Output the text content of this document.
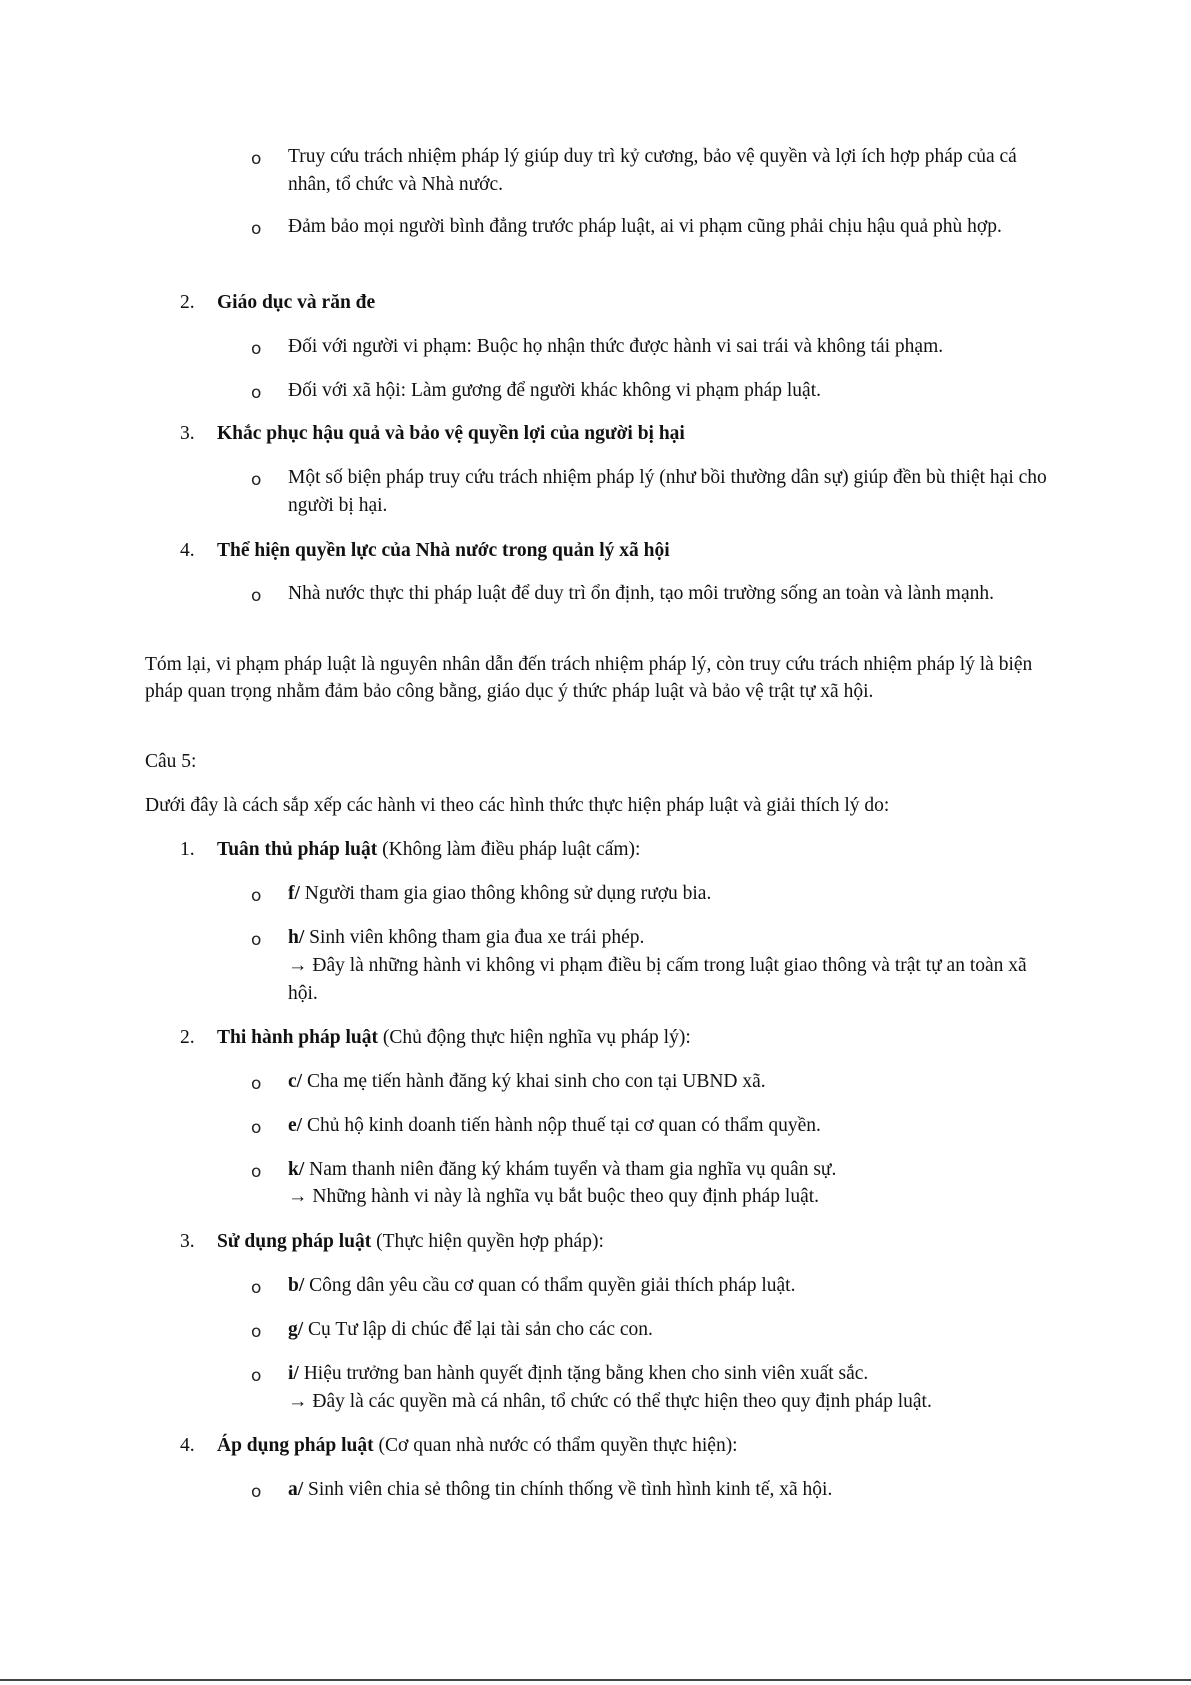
o Truy cứu trách nhiệm pháp lý giúp duy trì kỷ cương, bảo vệ quyền và lợi ích hợp pháp của cá nhân, tổ chức và Nhà nước.
o Đảm bảo mọi người bình đẳng trước pháp luật, ai vi phạm cũng phải chịu hậu quả phù hợp.
2. Giáo dục và răn đe
o Đối với người vi phạm: Buộc họ nhận thức được hành vi sai trái và không tái phạm.
o Đối với xã hội: Làm gương để người khác không vi phạm pháp luật.
3. Khắc phục hậu quả và bảo vệ quyền lợi của người bị hại
o Một số biện pháp truy cứu trách nhiệm pháp lý (như bồi thường dân sự) giúp đền bù thiệt hại cho người bị hại.
4. Thể hiện quyền lực của Nhà nước trong quản lý xã hội
o Nhà nước thực thi pháp luật để duy trì ổn định, tạo môi trường sống an toàn và lành mạnh.
Tóm lại, vi phạm pháp luật là nguyên nhân dẫn đến trách nhiệm pháp lý, còn truy cứu trách nhiệm pháp lý là biện pháp quan trọng nhằm đảm bảo công bằng, giáo dục ý thức pháp luật và bảo vệ trật tự xã hội.
Câu 5:
Dưới đây là cách sắp xếp các hành vi theo các hình thức thực hiện pháp luật và giải thích lý do:
1. Tuân thủ pháp luật (Không làm điều pháp luật cấm):
o f/ Người tham gia giao thông không sử dụng rượu bia.
o h/ Sinh viên không tham gia đua xe trái phép.
→ Đây là những hành vi không vi phạm điều bị cấm trong luật giao thông và trật tự an toàn xã hội.
2. Thi hành pháp luật (Chủ động thực hiện nghĩa vụ pháp lý):
o c/ Cha mẹ tiến hành đăng ký khai sinh cho con tại UBND xã.
o e/ Chủ hộ kinh doanh tiến hành nộp thuế tại cơ quan có thẩm quyền.
o k/ Nam thanh niên đăng ký khám tuyển và tham gia nghĩa vụ quân sự.
→ Những hành vi này là nghĩa vụ bắt buộc theo quy định pháp luật.
3. Sử dụng pháp luật (Thực hiện quyền hợp pháp):
o b/ Công dân yêu cầu cơ quan có thẩm quyền giải thích pháp luật.
o g/ Cụ Tư lập di chúc để lại tài sản cho các con.
o i/ Hiệu trưởng ban hành quyết định tặng bằng khen cho sinh viên xuất sắc.
→ Đây là các quyền mà cá nhân, tổ chức có thể thực hiện theo quy định pháp luật.
4. Áp dụng pháp luật (Cơ quan nhà nước có thẩm quyền thực hiện):
o a/ Sinh viên chia sẻ thông tin chính thống về tình hình kinh tế, xã hội.
